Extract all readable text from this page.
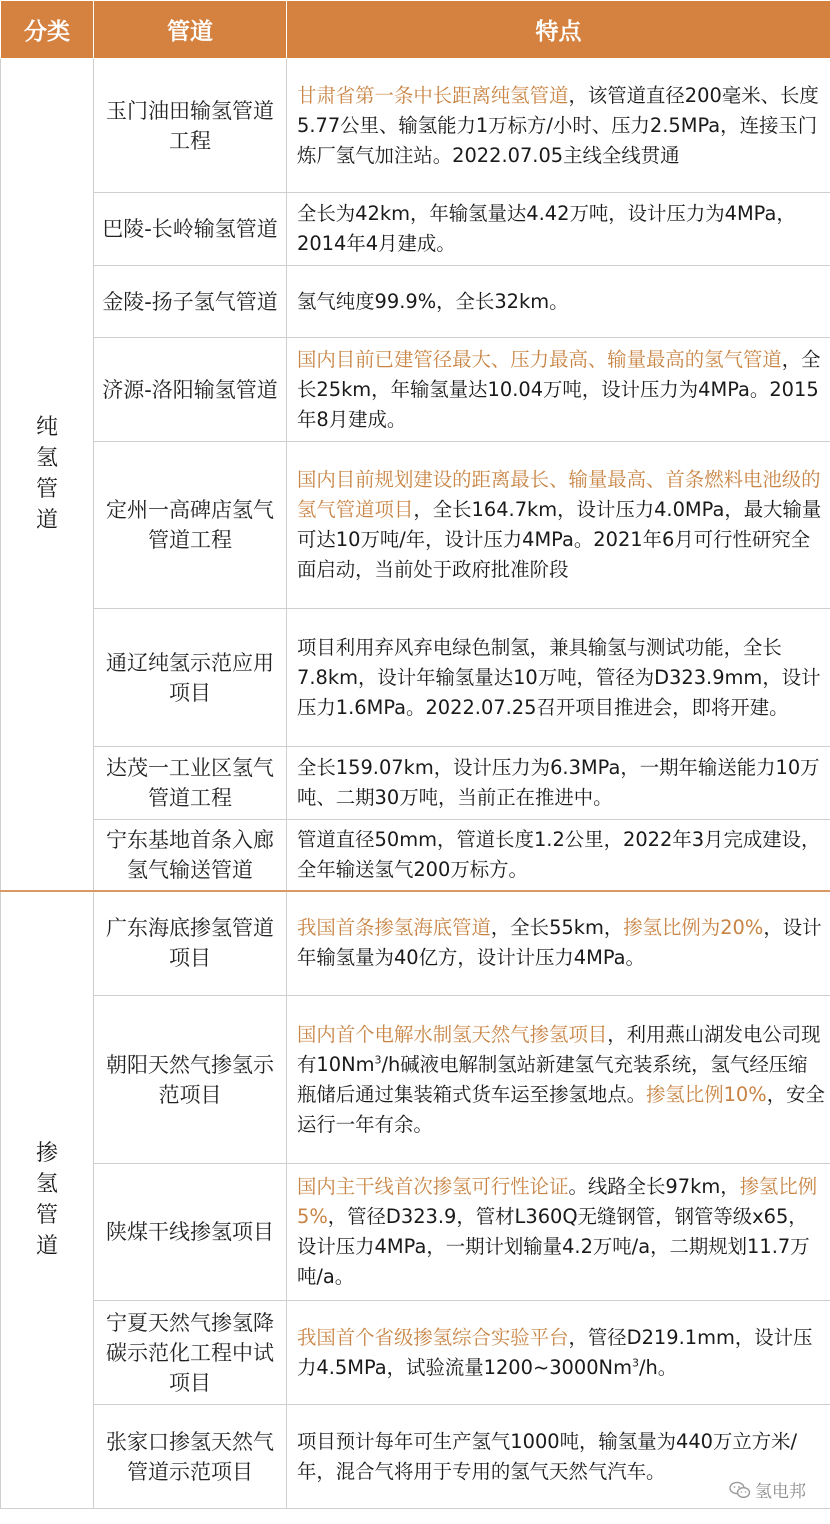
分类	管道	特点

纯
氢
管
道	玉门油田输氢管道工程	甘肃省第一条中长距离纯氢管道，该管道直径200毫米、长度5.77公里、输氢能力1万标方/小时、压力2.5MPa，连接玉门炼厂氢气加注站。2022.07.05主线全线贯通
	巴陵-长岭输氢管道	全长为42km，年输氢量达4.42万吨，设计压力为4MPa，2014年4月建成。
	金陵-扬子氢气管道	氢气纯度99.9%，全长32km。
	济源-洛阳输氢管道	国内目前已建管径最大、压力最高、输量最高的氢气管道，全长25km，年输氢量达10.04万吨，设计压力为4MPa。2015年8月建成。
	定州一高碑店氢气管道工程	国内目前规划建设的距离最长、输量最高、首条燃料电池级的氢气管道项目，全长164.7km，设计压力4.0MPa，最大输量可达10万吨/年，设计压力4MPa。2021年6月可行性研究全面启动，当前处于政府批准阶段
	通辽纯氢示范应用项目	项目利用弃风弃电绿色制氢，兼具输氢与测试功能，全长7.8km，设计年输氢量达10万吨，管径为D323.9mm，设计压力1.6MPa。2022.07.25召开项目推进会，即将开建。
	达茂一工业区氢气管道工程	全长159.07km，设计压力为6.3MPa，一期年输送能力10万吨、二期30万吨，当前正在推进中。
	宁东基地首条入廊氢气输送管道	管道直径50mm，管道长度1.2公里，2022年3月完成建设，全年输送氢气200万标方。

掺
氢
管
道	广东海底掺氢管道项目	我国首条掺氢海底管道，全长55km，掺氢比例为20%，设计年输氢量为40亿方，设计计压力4MPa。
	朝阳天然气掺氢示范项目	国内首个电解水制氢天然气掺氢项目，利用燕山湖发电公司现有10Nm$^3$/h碱液电解制氢站新建氢气充装系统，氢气经压缩瓶储后通过集装箱式货车运至掺氢地点。掺氢比例10%，安全运行一年有余。
	陕煤干线掺氢项目	国内主干线首次掺氢可行性论证。线路全长97km，掺氢比例5%，管径D323.9，管材L360Q无缝钢管，钢管等级x65，设计压力4MPa，一期计划输量4.2万吨/a，二期规划11.7万吨/a。
	宁夏天然气掺氢降碳示范化工程中试项目	我国首个省级掺氢综合实验平台，管径D219.1mm，设计压力4.5MPa，试验流量1200~3000Nm$^3$/h。
	张家口掺氢天然气管道示范项目	项目预计每年可生产氢气1000吨，输氢量为440万立方米/年，混合气将用于专用的氢气天然气汽车。
氢电邦
